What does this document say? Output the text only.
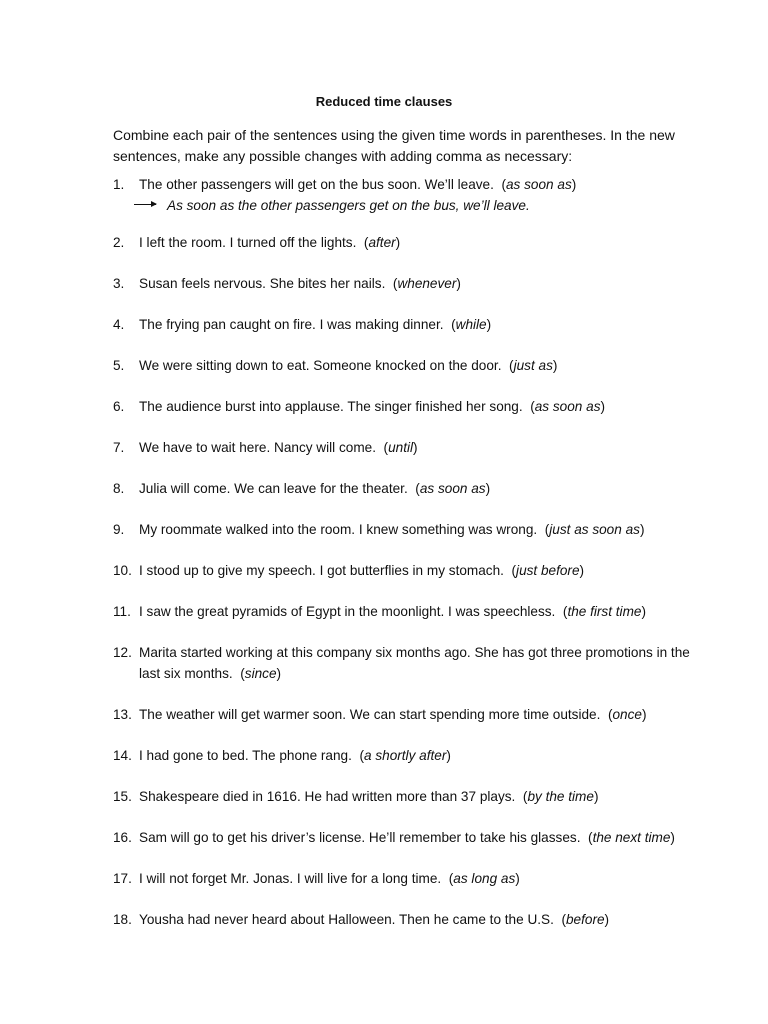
Reduced time clauses
Combine each pair of the sentences using the given time words in parentheses. In the new sentences, make any possible changes with adding comma as necessary:
1. The other passengers will get on the bus soon. We’ll leave.  (as soon as)
As soon as the other passengers get on the bus, we’ll leave.
2. I left the room. I turned off the lights.  (after)
3. Susan feels nervous. She bites her nails.  (whenever)
4. The frying pan caught on fire. I was making dinner.  (while)
5. We were sitting down to eat. Someone knocked on the door.  (just as)
6. The audience burst into applause. The singer finished her song.  (as soon as)
7. We have to wait here. Nancy will come.  (until)
8. Julia will come. We can leave for the theater.  (as soon as)
9. My roommate walked into the room. I knew something was wrong.  (just as soon as)
10. I stood up to give my speech. I got butterflies in my stomach.  (just before)
11. I saw the great pyramids of Egypt in the moonlight. I was speechless.  (the first time)
12. Marita started working at this company six months ago. She has got three promotions in the last six months.  (since)
13. The weather will get warmer soon. We can start spending more time outside.  (once)
14. I had gone to bed. The phone rang.  (a shortly after)
15. Shakespeare died in 1616. He had written more than 37 plays.  (by the time)
16. Sam will go to get his driver’s license. He’ll remember to take his glasses.  (the next time)
17. I will not forget Mr. Jonas. I will live for a long time.  (as long as)
18. Yousha had never heard about Halloween. Then he came to the U.S.  (before)
